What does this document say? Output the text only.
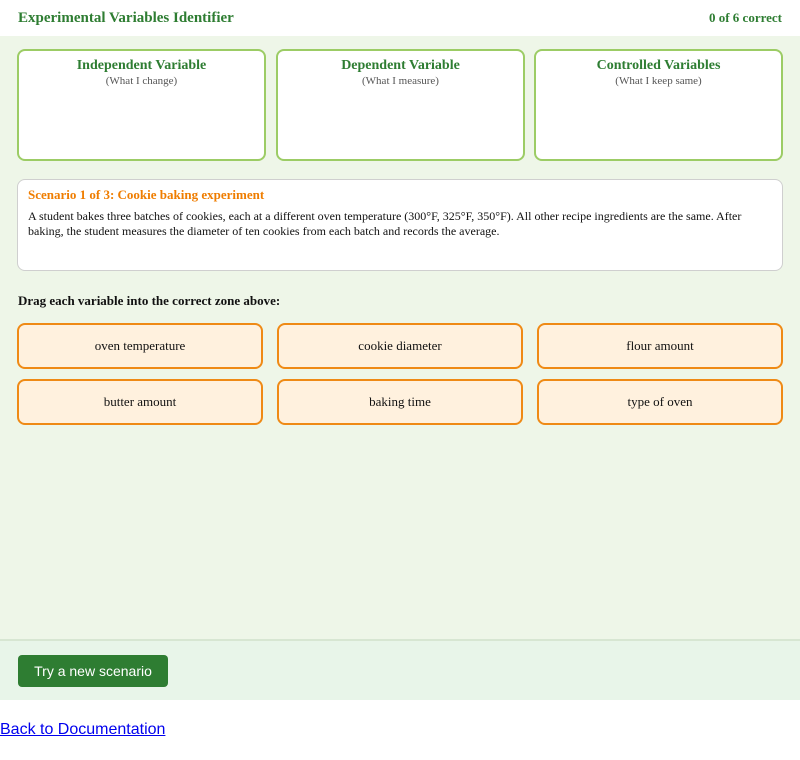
Experimental Variables Identifier	0 of 6 correct
Independent Variable
(What I change)
Dependent Variable
(What I measure)
Controlled Variables
(What I keep same)
Scenario 1 of 3: Cookie baking experiment
A student bakes three batches of cookies, each at a different oven temperature (300°F, 325°F, 350°F). All other recipe ingredients are the same. After baking, the student measures the diameter of ten cookies from each batch and records the average.
Drag each variable into the correct zone above:
oven temperature	cookie diameter	flour amount
butter amount	baking time	type of oven
Try a new scenario
Back to Documentation
